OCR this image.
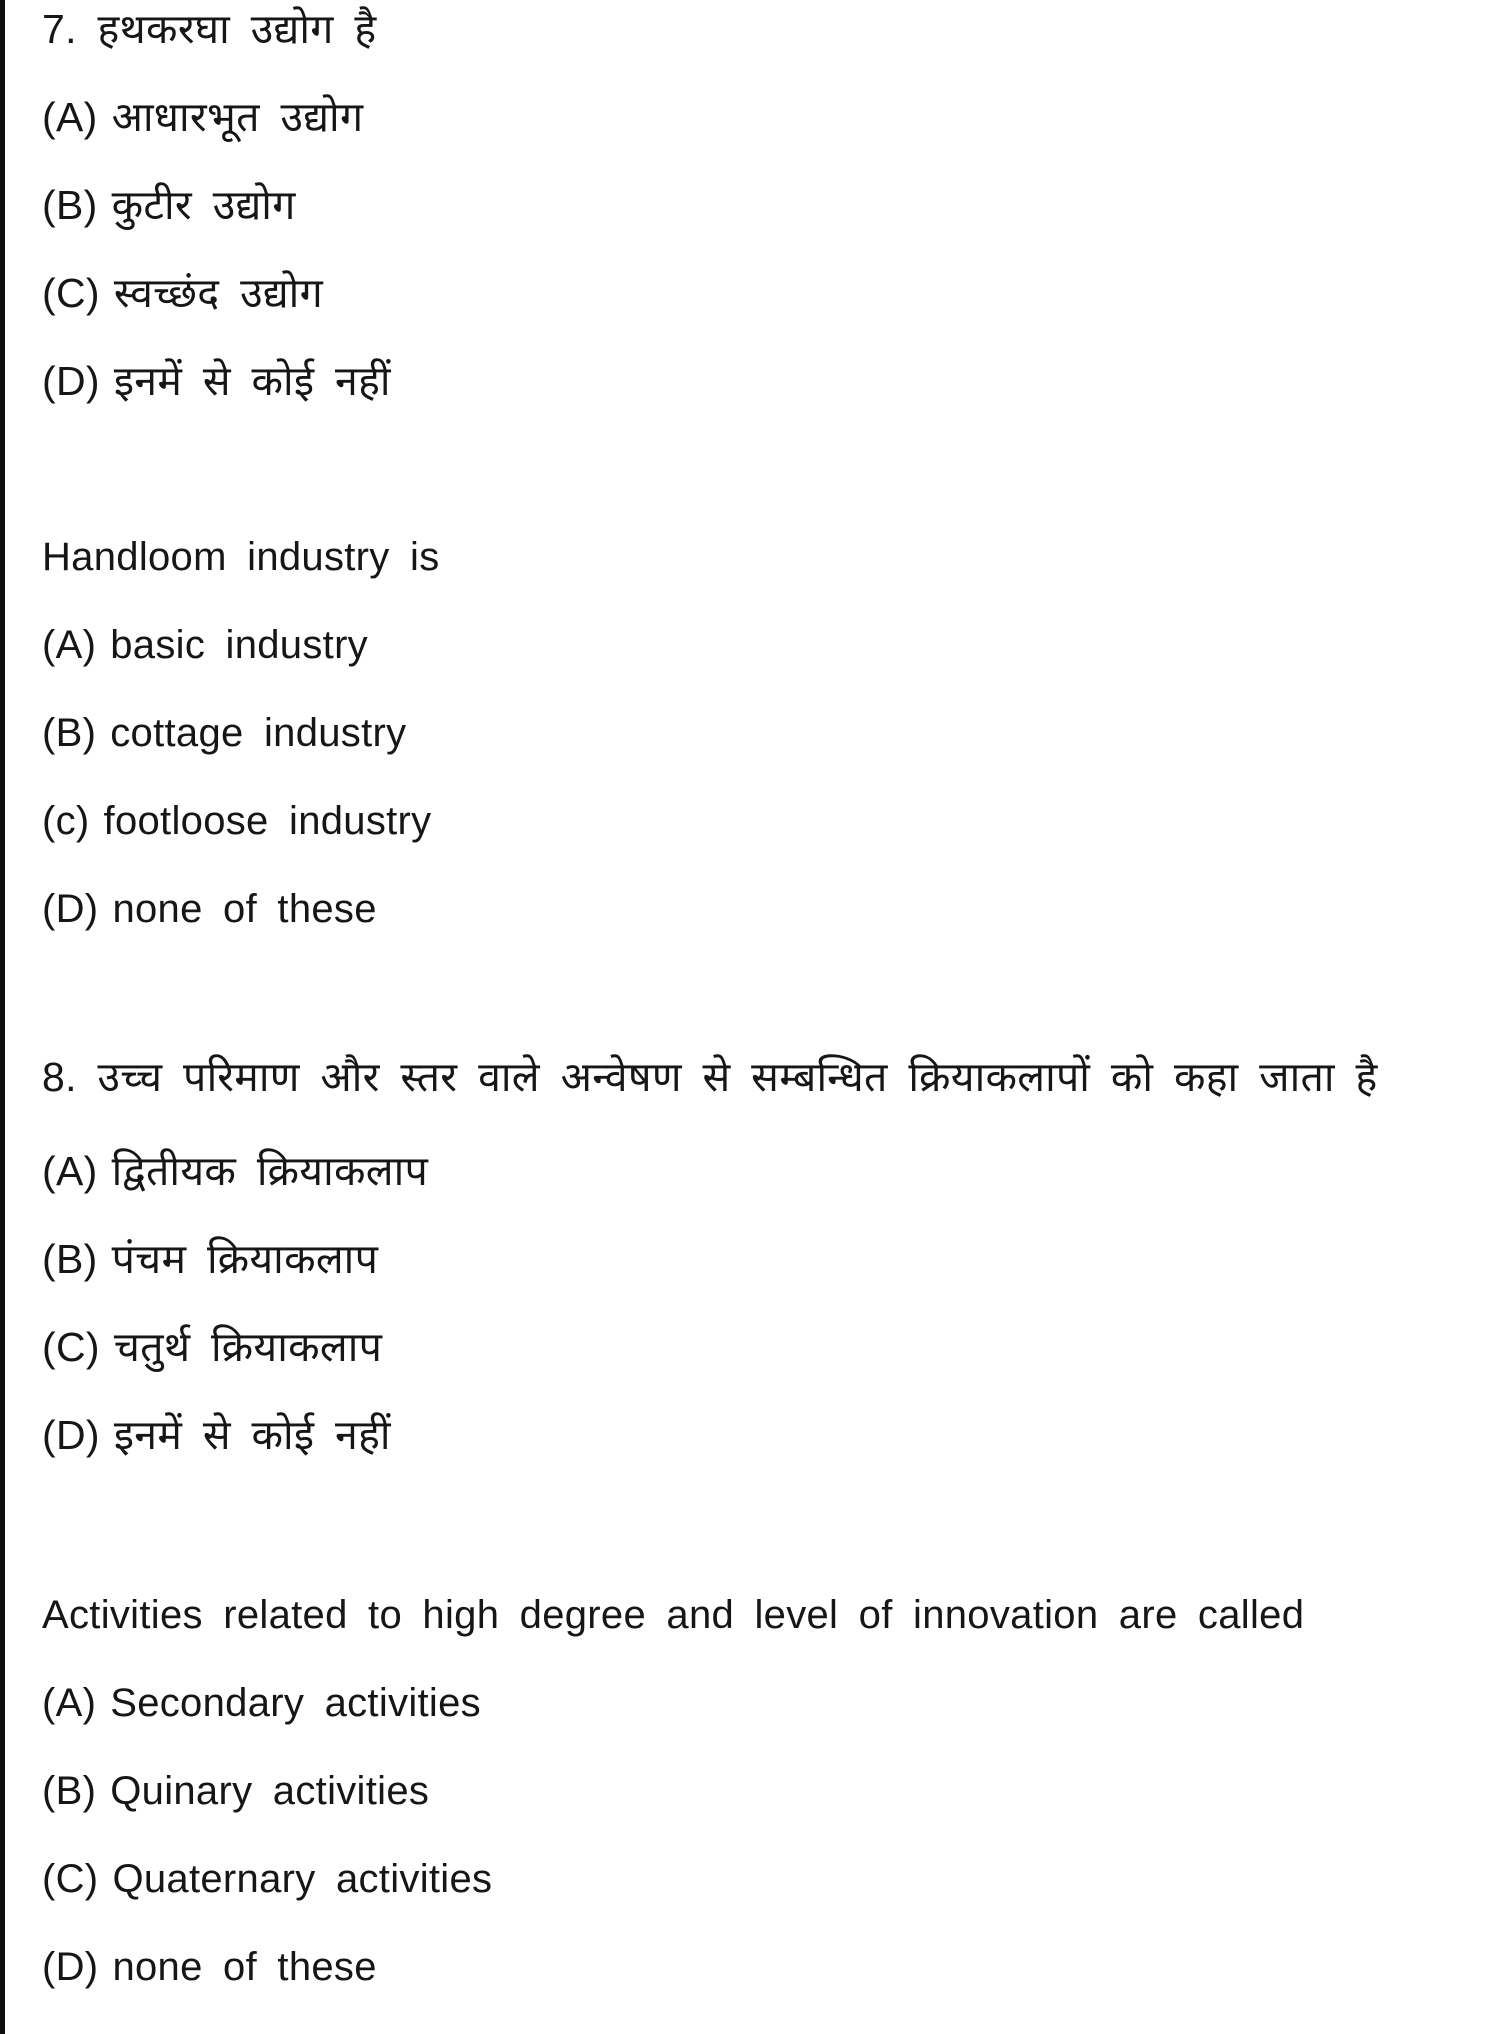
7. हथकरघा उद्योग है
(A) आधारभूत उद्योग
(B) कुटीर उद्योग
(C) स्वच्छंद उद्योग
(D) इनमें से कोई नहीं
Handloom industry is
(A) basic industry
(B) cottage industry
(c) footloose industry
(D) none of these
8. उच्च परिमाण और स्तर वाले अन्वेषण से सम्बन्धित क्रियाकलापों को कहा जाता है
(A) द्वितीयक क्रियाकलाप
(B) पंचम क्रियाकलाप
(C) चतुर्थ क्रियाकलाप
(D) इनमें से कोई नहीं
Activities related to high degree and level of innovation are called
(A) Secondary activities
(B) Quinary activities
(C) Quaternary activities
(D) none of these
